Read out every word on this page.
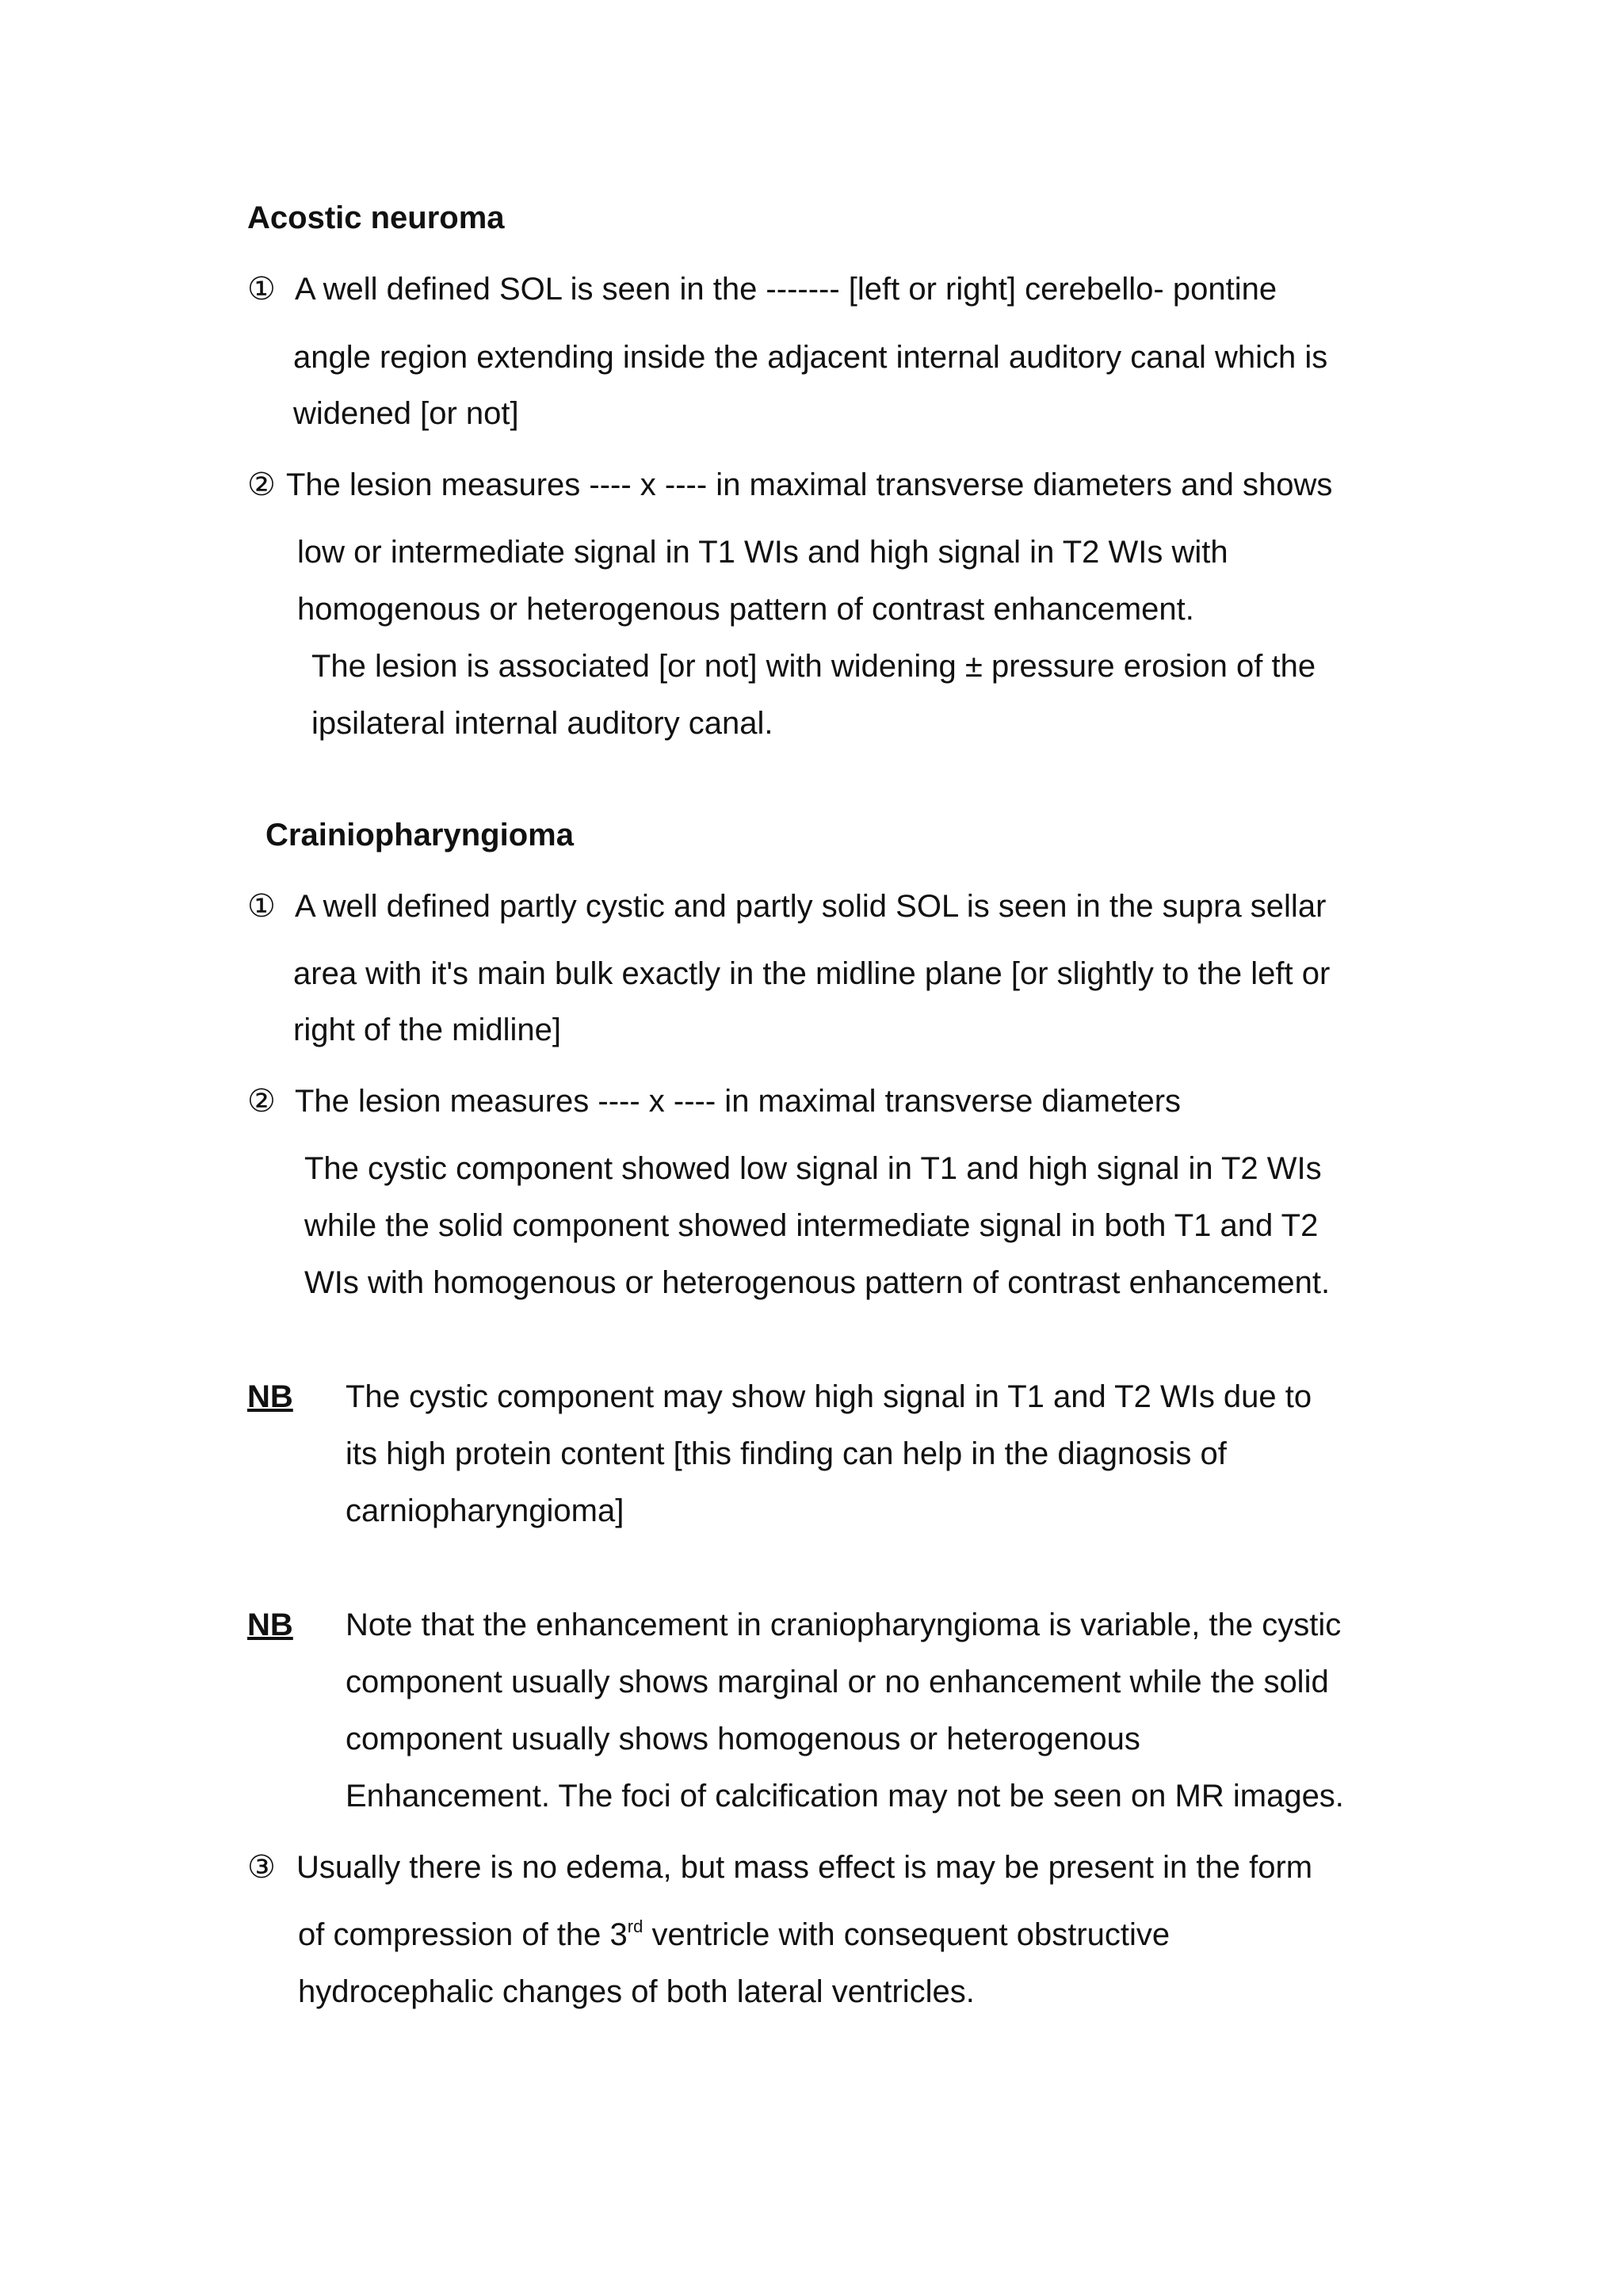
Acostic neuroma

① A well defined SOL is seen in the ------- [left or right] cerebello- pontine

angle region extending inside the adjacent internal auditory canal which is

widened [or not]

② The lesion measures ---- x ---- in maximal transverse diameters and shows

low or intermediate signal in T1 WIs and high signal in T2 WIs with

homogenous or heterogenous pattern of contrast enhancement.

The lesion is associated [or not] with widening ± pressure erosion of the

ipsilateral internal auditory canal.

Crainiopharyngioma

① A well defined partly cystic and partly solid SOL is seen in the supra sellar

area with it's main bulk exactly in the midline plane [or slightly to the left or

right of the midline]

② The lesion measures ---- x ---- in maximal transverse diameters

The cystic component showed low signal in T1 and high signal in T2 WIs

while the solid component showed intermediate signal in both T1 and T2

WIs with homogenous or heterogenous pattern of contrast enhancement.

NB The cystic component may show high signal in T1 and T2 WIs due to

its high protein content [this finding can help in the diagnosis of

carniopharyngioma]

NB Note that the enhancement in craniopharyngioma is variable, the cystic

component usually shows marginal or no enhancement while the solid

component usually shows homogenous or heterogenous

Enhancement. The foci of calcification may not be seen on MR images.

③ Usually there is no edema, but mass effect is may be present in the form

of compression of the 3rd ventricle with consequent obstructive

hydrocephalic changes of both lateral ventricles.
